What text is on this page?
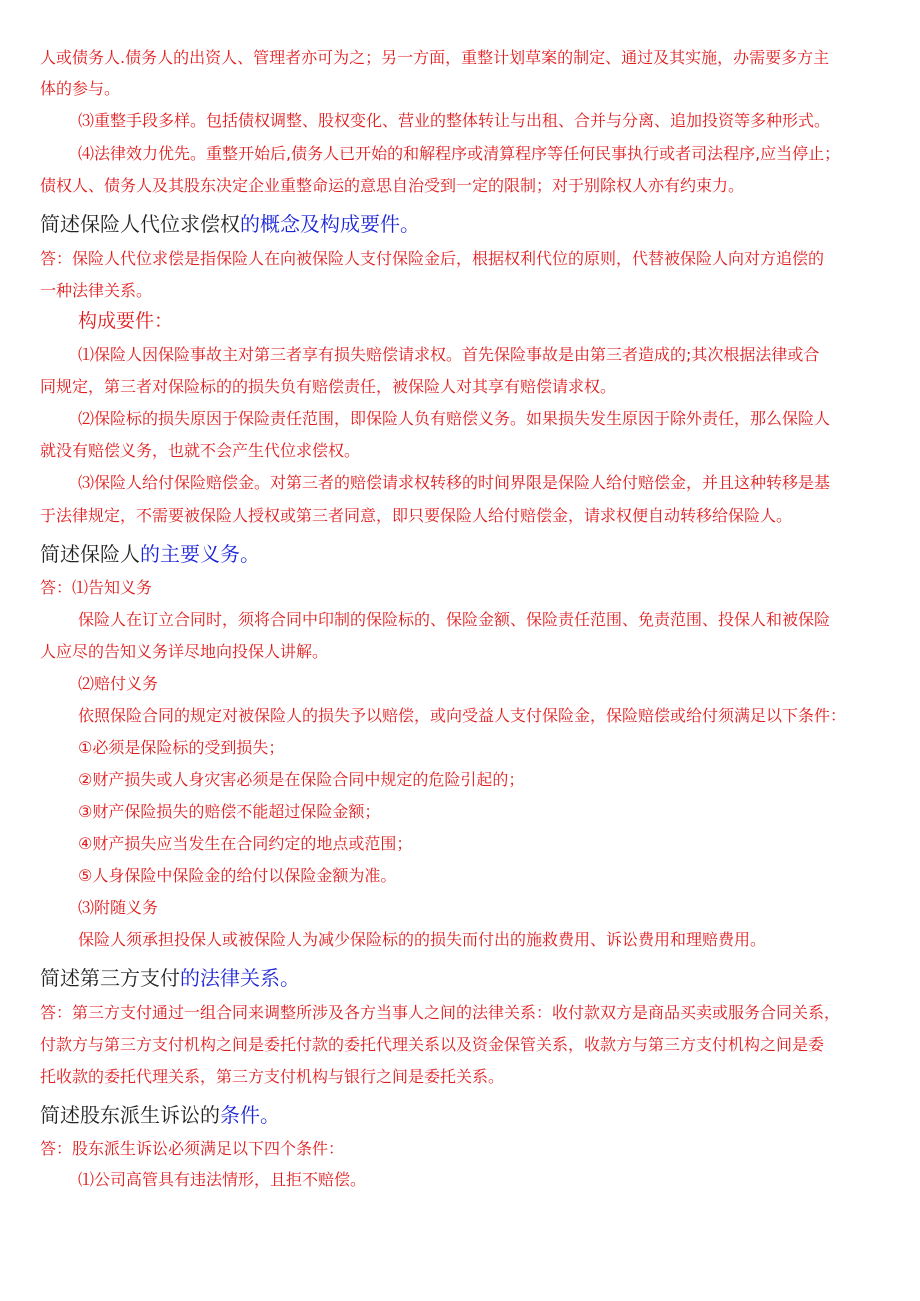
人或债务人.债务人的出资人、管理者亦可为之；另一方面，重整计划草案的制定、通过及其实施，办需要多方主
体的参与。
⑶重整手段多样。包括债权调整、股权变化、营业的整体转让与出租、合并与分离、追加投资等多种形式。
⑷法律效力优先。重整开始后,债务人已开始的和解程序或清算程序等任何民事执行或者司法程序,应当停止；
债权人、债务人及其股东决定企业重整命运的意思自治受到一定的限制；对于别除权人亦有约束力。
简述保险人代位求偿权的概念及构成要件。
答：保险人代位求偿是指保险人在向被保险人支付保险金后，根据权利代位的原则，代替被保险人向对方追偿的
一种法律关系。
构成要件：
⑴保险人因保险事故主对第三者享有损失赔偿请求权。首先保险事故是由第三者造成的;其次根据法律或合
同规定，第三者对保险标的的损失负有赔偿责任，被保险人对其享有赔偿请求权。
⑵保险标的损失原因于保险责任范围，即保险人负有赔偿义务。如果损失发生原因于除外责任，那么保险人
就没有赔偿义务，也就不会产生代位求偿权。
⑶保险人给付保险赔偿金。对第三者的赔偿请求权转移的时间界限是保险人给付赔偿金，并且这种转移是基
于法律规定，不需要被保险人授权或第三者同意，即只要保险人给付赔偿金，请求权便自动转移给保险人。
简述保险人的主要义务。
答：⑴告知义务
保险人在订立合同时，须将合同中印制的保险标的、保险金额、保险责任范围、免责范围、投保人和被保险
人应尽的告知义务详尽地向投保人讲解。
⑵赔付义务
依照保险合同的规定对被保险人的损失予以赔偿，或向受益人支付保险金，保险赔偿或给付须满足以下条件：
①必须是保险标的受到损失；
②财产损失或人身灾害必须是在保险合同中规定的危险引起的；
③财产保险损失的赔偿不能超过保险金额；
④财产损失应当发生在合同约定的地点或范围；
⑤人身保险中保险金的给付以保险金额为准。
⑶附随义务
保险人须承担投保人或被保险人为减少保险标的的损失而付出的施救费用、诉讼费用和理赔费用。
简述第三方支付的法律关系。
答：第三方支付通过一组合同来调整所涉及各方当事人之间的法律关系：收付款双方是商品买卖或服务合同关系，
付款方与第三方支付机构之间是委托付款的委托代理关系以及资金保管关系，收款方与第三方支付机构之间是委
托收款的委托代理关系，第三方支付机构与银行之间是委托关系。
简述股东派生诉讼的条件。
答：股东派生诉讼必须满足以下四个条件：
⑴公司高管具有违法情形，且拒不赔偿。
